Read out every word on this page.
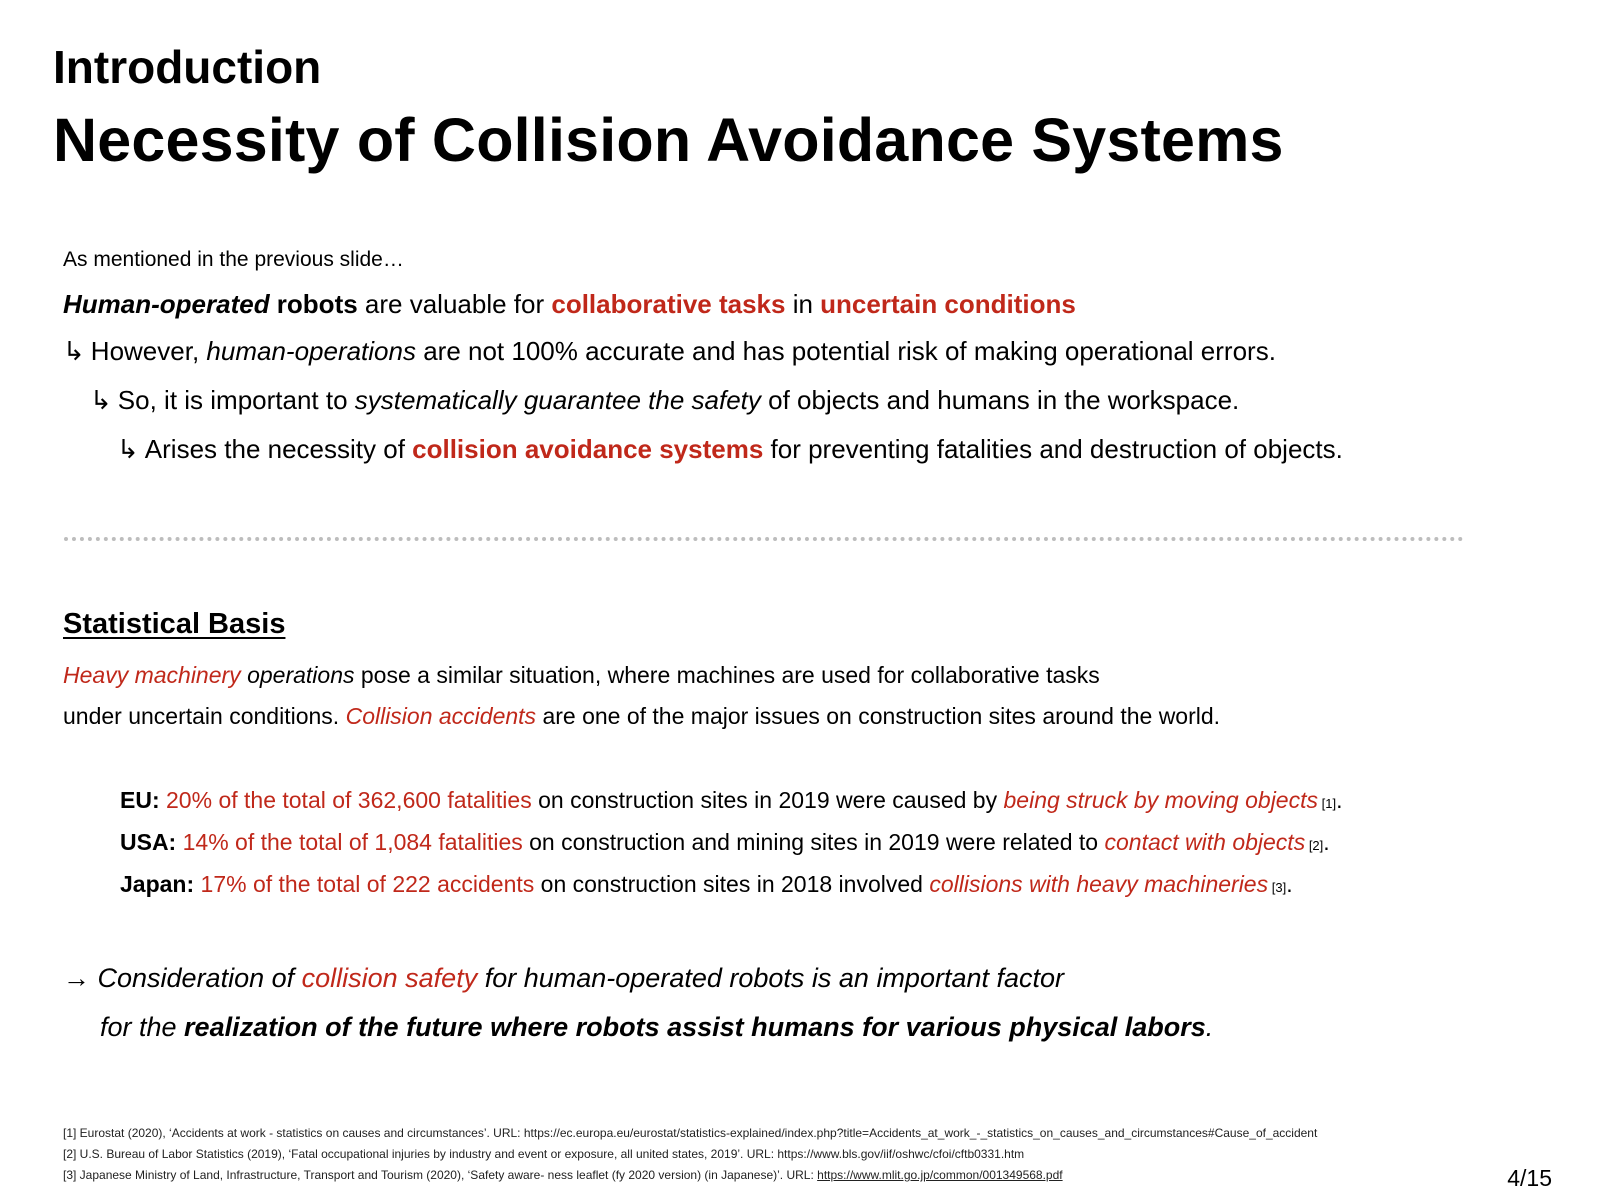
Introduction
Necessity of Collision Avoidance Systems
As mentioned in the previous slide…
Human-operated robots are valuable for collaborative tasks in uncertain conditions
↳ However, human-operations are not 100% accurate and has potential risk of making operational errors.
↳ So, it is important to systematically guarantee the safety of objects and humans in the workspace.
↳ Arises the necessity of collision avoidance systems for preventing fatalities and destruction of objects.
Statistical Basis
Heavy machinery operations pose a similar situation, where machines are used for collaborative tasks
under uncertain conditions. Collision accidents are one of the major issues on construction sites around the world.
EU: 20% of the total of 362,600 fatalities on construction sites in 2019 were caused by being struck by moving objects [1].
USA: 14% of the total of 1,084 fatalities on construction and mining sites in 2019 were related to contact with objects [2].
Japan: 17% of the total of 222 accidents on construction sites in 2018 involved collisions with heavy machineries [3].
→ Consideration of collision safety for human-operated robots is an important factor
for the realization of the future where robots assist humans for various physical labors.
[1] Eurostat (2020), ‘Accidents at work - statistics on causes and circumstances’. URL: https://ec.europa.eu/eurostat/statistics-explained/index.php?title=Accidents_at_work_-_statistics_on_causes_and_circumstances#Cause_of_accident
[2] U.S. Bureau of Labor Statistics (2019), ‘Fatal occupational injuries by industry and event or exposure, all united states, 2019’. URL: https://www.bls.gov/iif/oshwc/cfoi/cftb0331.htm
[3] Japanese Ministry of Land, Infrastructure, Transport and Tourism (2020), ‘Safety aware- ness leaflet (fy 2020 version) (in Japanese)’. URL: https://www.mlit.go.jp/common/001349568.pdf	4/15
